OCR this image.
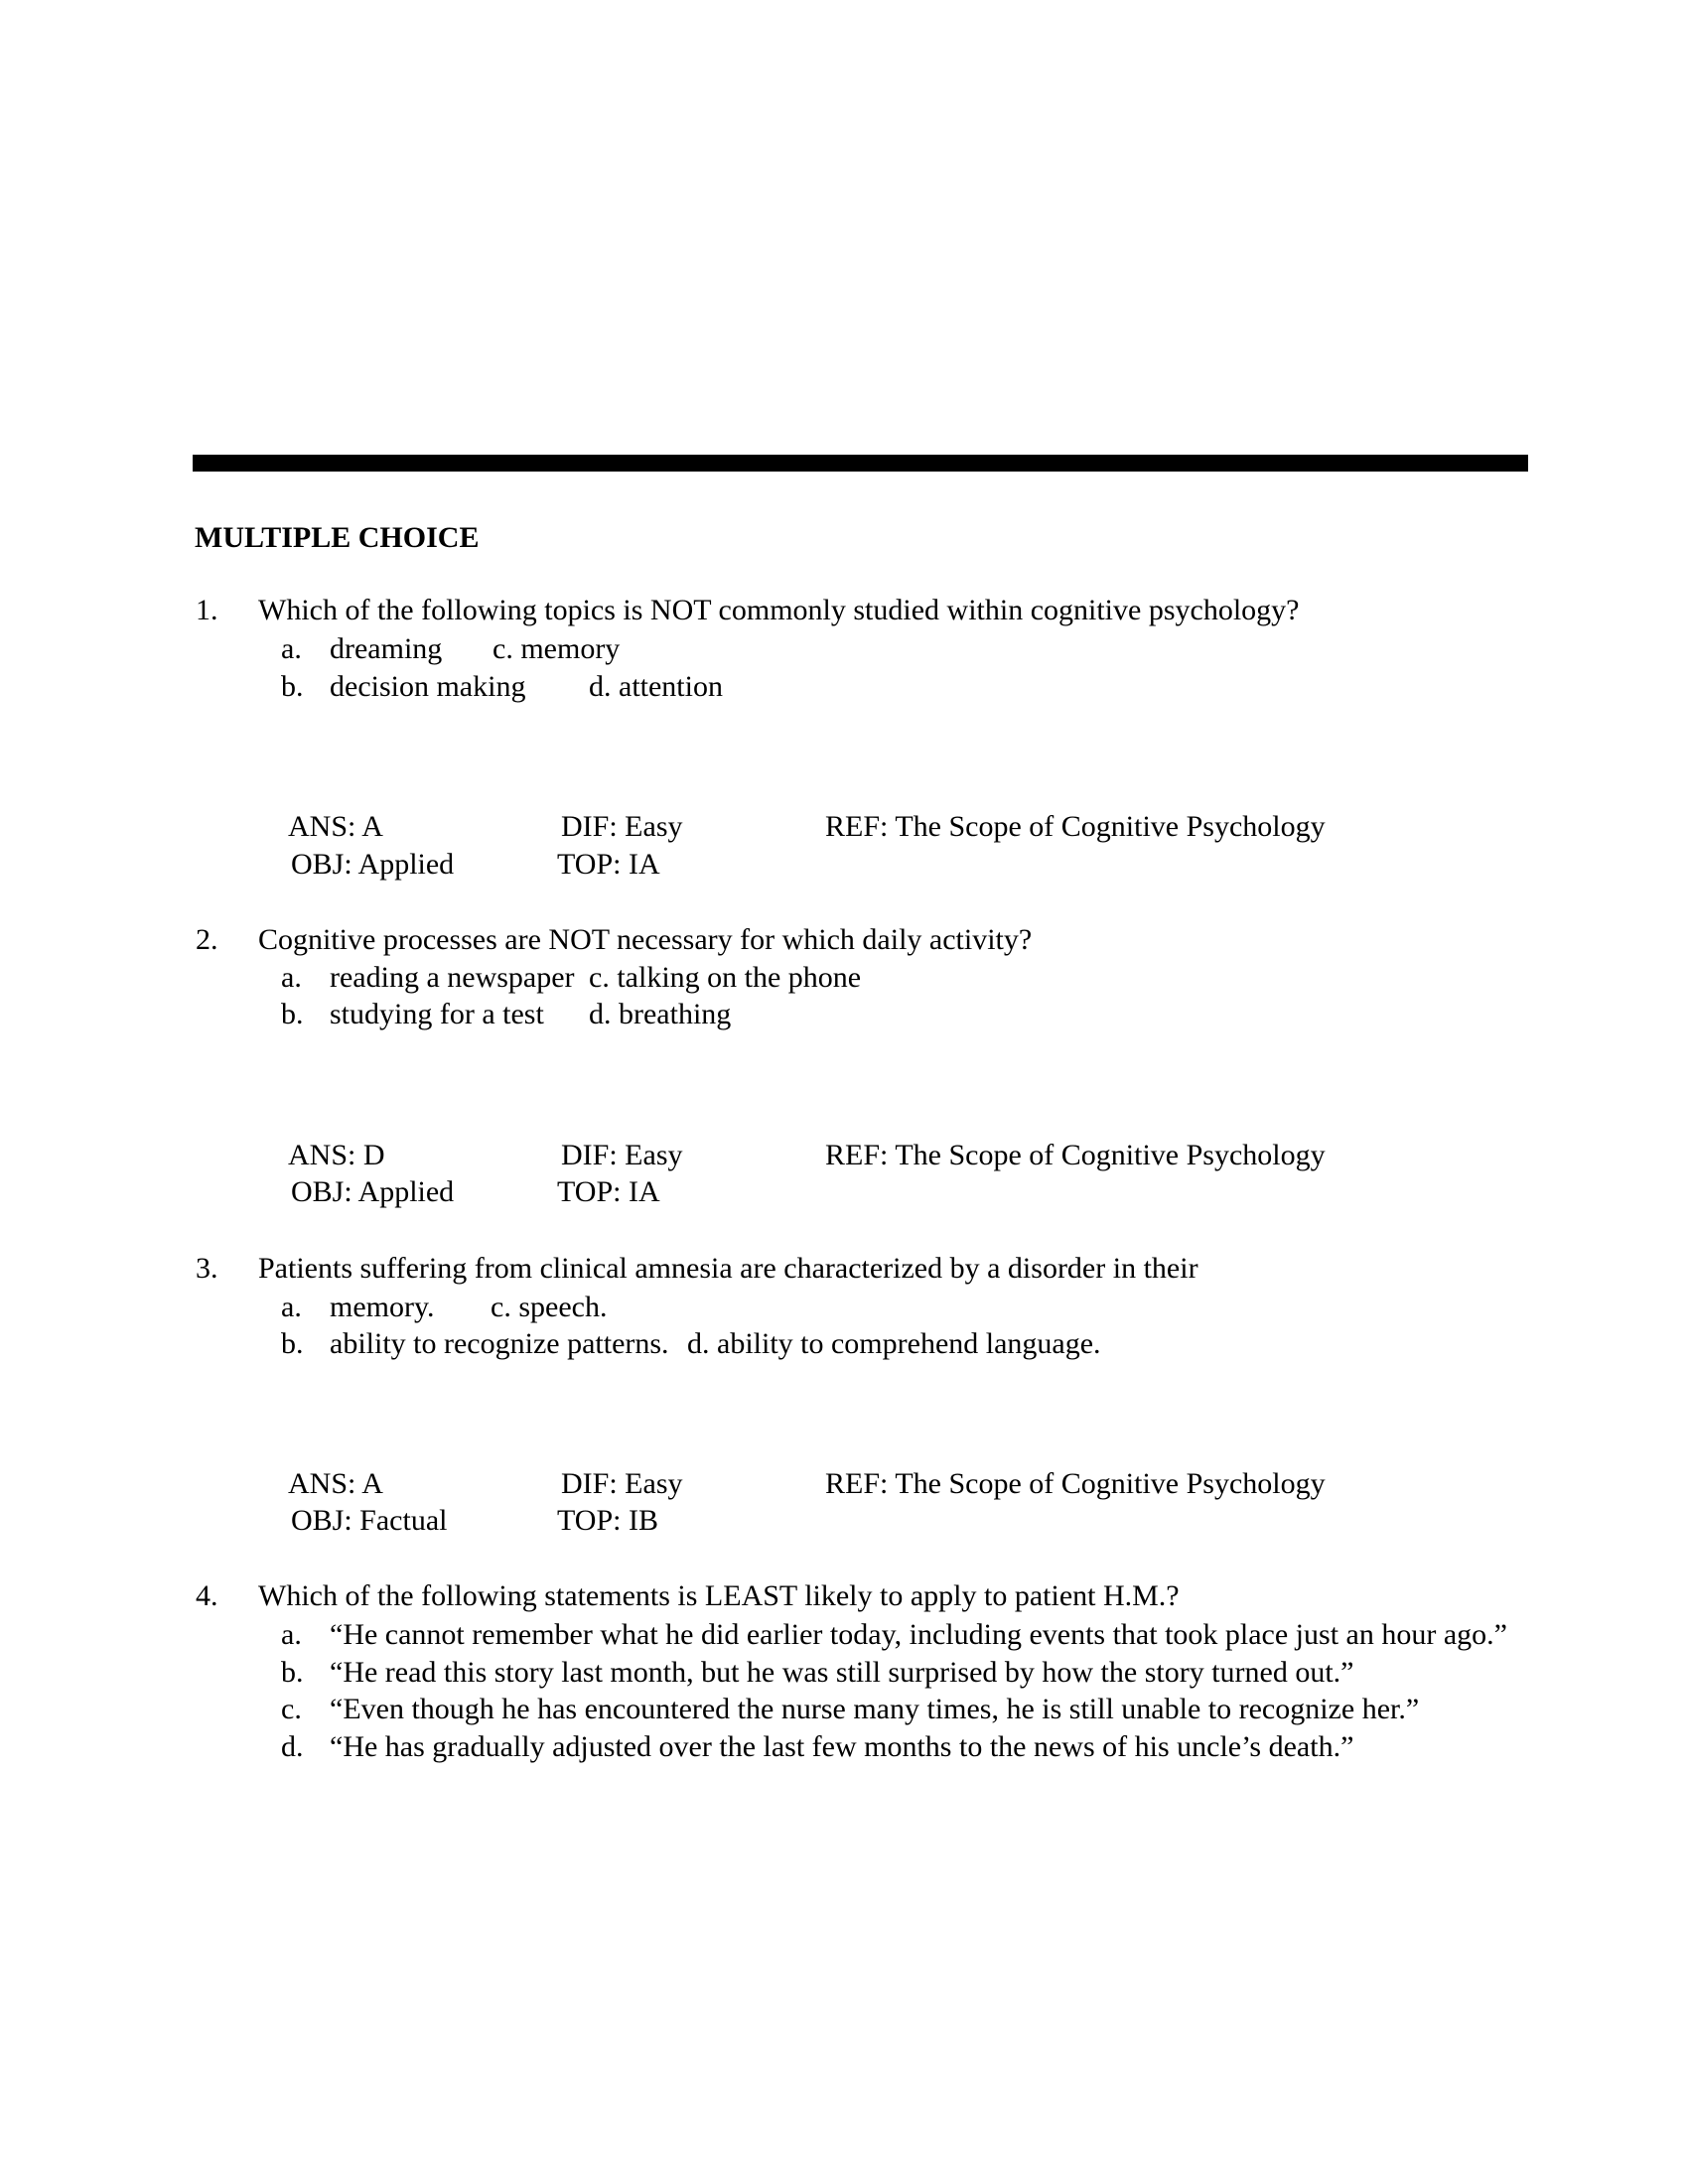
MULTIPLE CHOICE
1. Which of the following topics is NOT commonly studied within cognitive psychology?
a. dreaming c. memory
b. decision making d. attention
ANS: A	DIF: Easy	REF: The Scope of Cognitive Psychology
OBJ: Applied	TOP: IA
2. Cognitive processes are NOT necessary for which daily activity?
a. reading a newspaper c. talking on the phone
b. studying for a test d. breathing
ANS: D	DIF: Easy	REF: The Scope of Cognitive Psychology
OBJ: Applied	TOP: IA
3. Patients suffering from clinical amnesia are characterized by a disorder in their
a. memory. c. speech.
b. ability to recognize patterns. d. ability to comprehend language.
ANS: A	DIF: Easy	REF: The Scope of Cognitive Psychology
OBJ: Factual	TOP: IB
4. Which of the following statements is LEAST likely to apply to patient H.M.?
a. “He cannot remember what he did earlier today, including events that took place just an hour ago.”
b. “He read this story last month, but he was still surprised by how the story turned out.”
c. “Even though he has encountered the nurse many times, he is still unable to recognize her.”
d. “He has gradually adjusted over the last few months to the news of his uncle’s death.”
